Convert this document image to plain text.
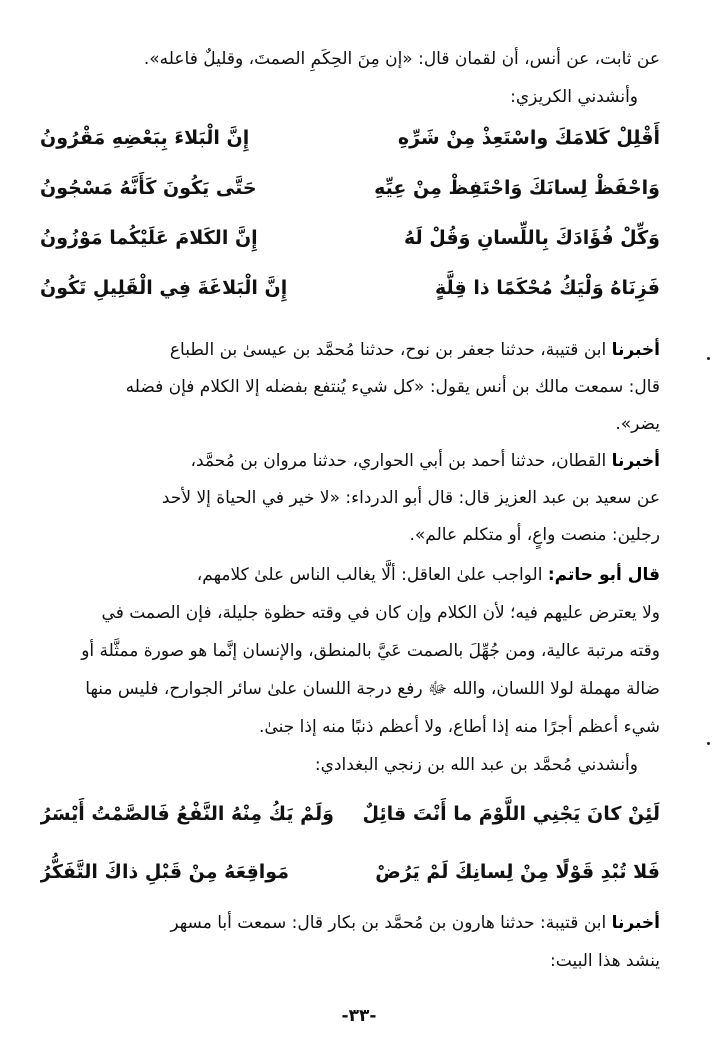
عن ثابت، عن أنس، أن لقمان قال: «إن مِنَ الحِكَمِ الصمتَ، وقليلٌ فاعله».
وأنشدني الكريزي:
أَقْلِلْ كَلامَكَ واسْتَعِذْ مِنْ شَرِّهِ
إِنَّ الْبَلاءَ بِبَعْضِهِ مَقْرُونُ
وَاحْفَظْ لِسانَكَ وَاحْتَفِظْ مِنْ عِيِّهِ
حَتَّى يَكُونَ كَأَنَّهُ مَسْجُونُ
وَكِّلْ فُؤَادَكَ بِاللِّسانِ وَقُلْ لَهُ
إِنَّ الكَلامَ عَلَيْكُما مَوْزُونُ
فَزِنَاهُ وَلْيَكُ مُحْكَمًا ذا قِلَّةٍ
إِنَّ الْبَلاغَةَ فِي الْقَلِيلِ تَكُونُ
أخبرنا ابن قتيبة، حدثنا جعفر بن نوح، حدثنا مُحمَّد بن عيسىٰ بن الطباع
قال: سمعت مالك بن أنس يقول: «كل شيء يُنتفع بفضله إلا الكلام فإن فضله
يضر».
أخبرنا القطان، حدثنا أحمد بن أبي الحواري، حدثنا مروان بن مُحمَّد،
عن سعيد بن عبد العزيز قال: قال أبو الدرداء: «لا خير في الحياة إلا لأحد
رجلين: منصت واعٍ، أو متكلم عالم».
قال أبو حاتم: الواجب علىٰ العاقل: ألَّا يغالب الناس علىٰ كلامهم،
ولا يعترض عليهم فيه؛ لأن الكلام وإن كان في وقته حظوة جليلة، فإن الصمت في
وقته مرتبة عالية، ومن جُهِّلَ بالصمت عَيَّ بالمنطق، والإنسان إنَّما هو صورة ممثَّلة أو
ضالة مهملة لولا اللسان، والله ﷻ رفع درجة اللسان علىٰ سائر الجوارح، فليس منها
شيء أعظم أجرًا منه إذا أطاع، ولا أعظم ذنبًا منه إذا جنىٰ.
وأنشدني مُحمَّد بن عبد الله بن زنجي البغدادي:
لَئِنْ كانَ يَجْنِي اللَّوْمَ ما أَنْتَ قائِلٌ
وَلَمْ يَكُ مِنْهُ النَّفْعُ فَالصَّمْتُ أَيْسَرُ
فَلا تُبْدِ قَوْلًا مِنْ لِسانِكَ لَمْ يَرُضْ
مَواقِعَهُ مِنْ قَبْلِ ذاكَ التَّفَكُّرُ
أخبرنا ابن قتيبة: حدثنا هارون بن مُحمَّد بن بكار قال: سمعت أبا مسهر
ينشد هذا البيت:
-٣٣-
